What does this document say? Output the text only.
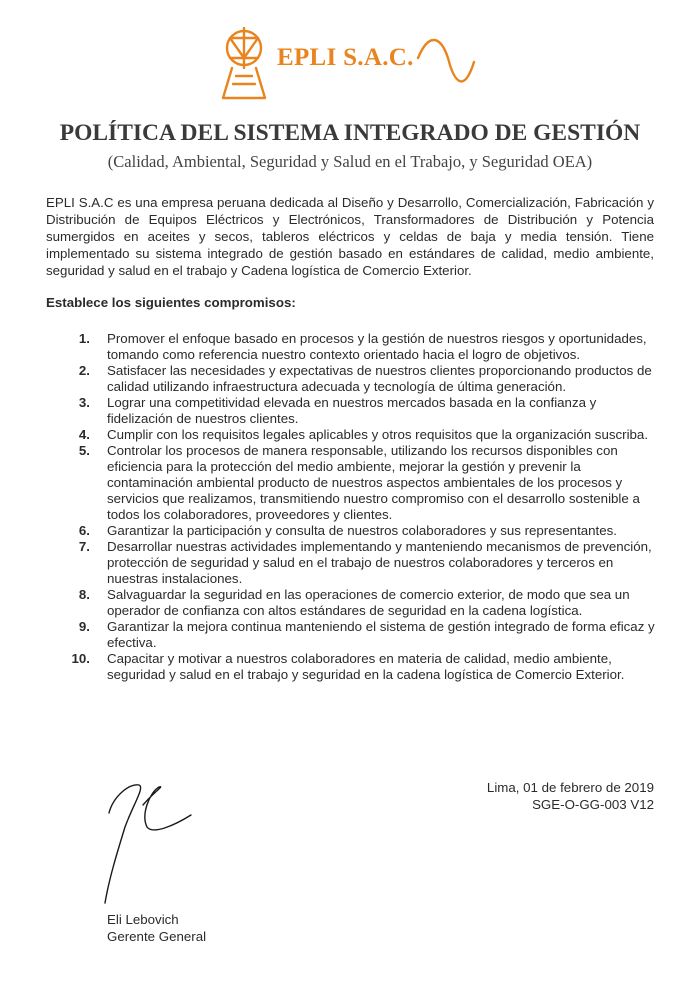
EPLI S.A.C.
POLÍTICA DEL SISTEMA INTEGRADO DE GESTIÓN

(Calidad, Ambiental, Seguridad y Salud en el Trabajo, y Seguridad OEA)

EPLI S.A.C es una empresa peruana dedicada al Diseño y Desarrollo, Comercialización, Fabricación y Distribución de Equipos Eléctricos y Electrónicos, Transformadores de Distribución y Potencia sumergidos en aceites y secos, tableros eléctricos y celdas de baja y media tensión. Tiene implementado su sistema integrado de gestión basado en estándares de calidad, medio ambiente, seguridad y salud en el trabajo y Cadena logística de Comercio Exterior.

Establece los siguientes compromisos:

1. Promover el enfoque basado en procesos y la gestión de nuestros riesgos y oportunidades, tomando como referencia nuestro contexto orientado hacia el logro de objetivos.
2. Satisfacer las necesidades y expectativas de nuestros clientes proporcionando productos de calidad utilizando infraestructura adecuada y tecnología de última generación.
3. Lograr una competitividad elevada en nuestros mercados basada en la confianza y fidelización de nuestros clientes.
4. Cumplir con los requisitos legales aplicables y otros requisitos que la organización suscriba.
5. Controlar los procesos de manera responsable, utilizando los recursos disponibles con eficiencia para la protección del medio ambiente, mejorar la gestión y prevenir la contaminación ambiental producto de nuestros aspectos ambientales de los procesos y servicios que realizamos, transmitiendo nuestro compromiso con el desarrollo sostenible a todos los colaboradores, proveedores y clientes.
6. Garantizar la participación y consulta de nuestros colaboradores y sus representantes.
7. Desarrollar nuestras actividades implementando y manteniendo mecanismos de prevención, protección de seguridad y salud en el trabajo de nuestros colaboradores y terceros en nuestras instalaciones.
8. Salvaguardar la seguridad en las operaciones de comercio exterior, de modo que sea un operador de confianza con altos estándares de seguridad en la cadena logística.
9. Garantizar la mejora continua manteniendo el sistema de gestión integrado de forma eficaz y efectiva.
10. Capacitar y motivar a nuestros colaboradores en materia de calidad, medio ambiente, seguridad y salud en el trabajo y seguridad en la cadena logística de Comercio Exterior.

Lima, 01 de febrero de 2019

SGE-O-GG-003 V12

Eli Lebovich

Gerente General
